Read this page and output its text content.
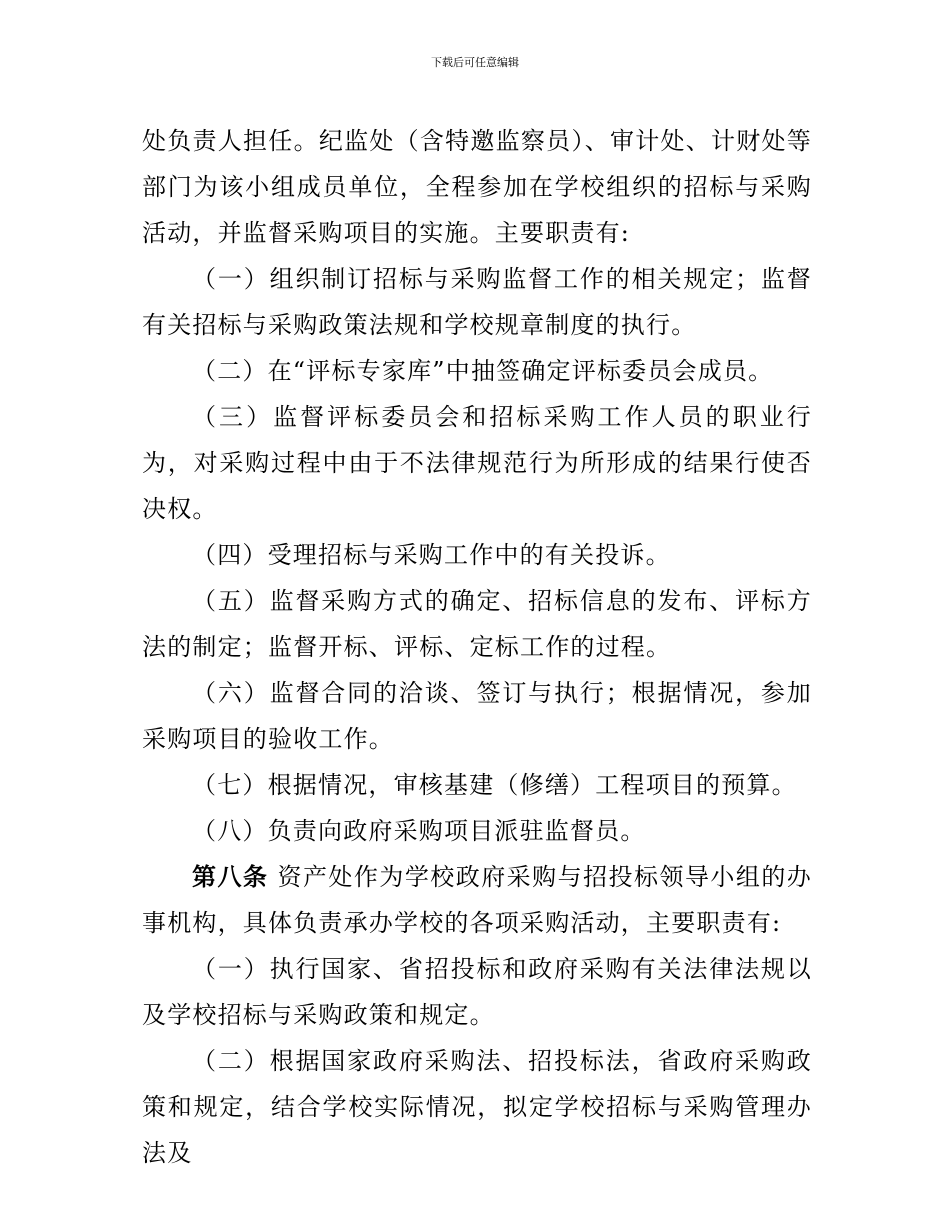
下载后可任意编辑

处负责人担任。纪监处（含特邀监察员）、审计处、计财处等部门为该小组成员单位，全程参加在学校组织的招标与采购活动，并监督采购项目的实施。主要职责有:

（一）组织制订招标与采购监督工作的相关规定；监督有关招标与采购政策法规和学校规章制度的执行。

（二）在“评标专家库”中抽签确定评标委员会成员。

（三）监督评标委员会和招标采购工作人员的职业行为，对采购过程中由于不法律规范行为所形成的结果行使否决权。

（四）受理招标与采购工作中的有关投诉。

（五）监督采购方式的确定、招标信息的发布、评标方法的制定；监督开标、评标、定标工作的过程。

（六）监督合同的洽谈、签订与执行；根据情况，参加采购项目的验收工作。

（七）根据情况，审核基建（修缮）工程项目的预算。

（八）负责向政府采购项目派驻监督员。

第八条 资产处作为学校政府采购与招投标领导小组的办事机构，具体负责承办学校的各项采购活动，主要职责有:

（一）执行国家、省招投标和政府采购有关法律法规以及学校招标与采购政策和规定。

（二）根据国家政府采购法、招投标法，省政府采购政策和规定，结合学校实际情况，拟定学校招标与采购管理办法及
